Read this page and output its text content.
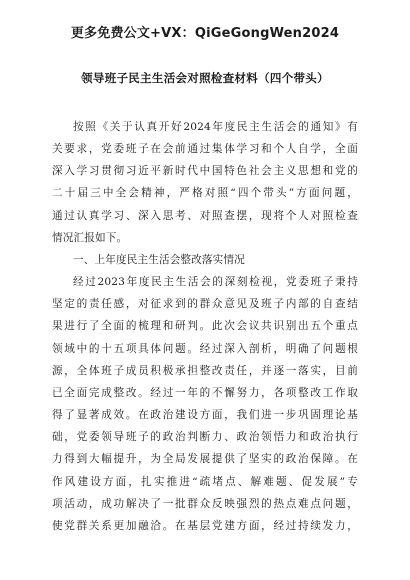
更多免费公文+VX：QiGeGongWen2024
领导班子民主生活会对照检查材料（四个带头）
按照《关于认真开好2024年度民主生活会的通知》有
关要求，党委班子在会前通过集体学习和个人自学，全面
深入学习贯彻习近平新时代中国特色社会主义思想和党的
二十届三中全会精神，严格对照“四个带头”方面问题，
通过认真学习、深入思考、对照查摆，现将个人对照检查
情况汇报如下。
一、上年度民主生活会整改落实情况
经过2023年度民主生活会的深刻检视，党委班子秉持
坚定的责任感，对征求到的群众意见及班子内部的自查结
果进行了全面的梳理和研判。此次会议共识别出五个重点
领域中的十五项具体问题。经过深入剖析，明确了问题根
源，全体班子成员积极承担整改责任，并逐一落实，目前
已全面完成整改。经过一年的不懈努力，各项整改工作取
得了显著成效。在政治建设方面，我们进一步巩固理论基
础，党委领导班子的政治判断力、政治领悟力和政治执行
力得到大幅提升，为全局发展提供了坚实的政治保障。在
作风建设方面，扎实推进“疏堵点、解难题、促发展”专
项活动，成功解决了一批群众反映强烈的热点难点问题，
使党群关系更加融洽。在基层党建方面，经过持续发力，
